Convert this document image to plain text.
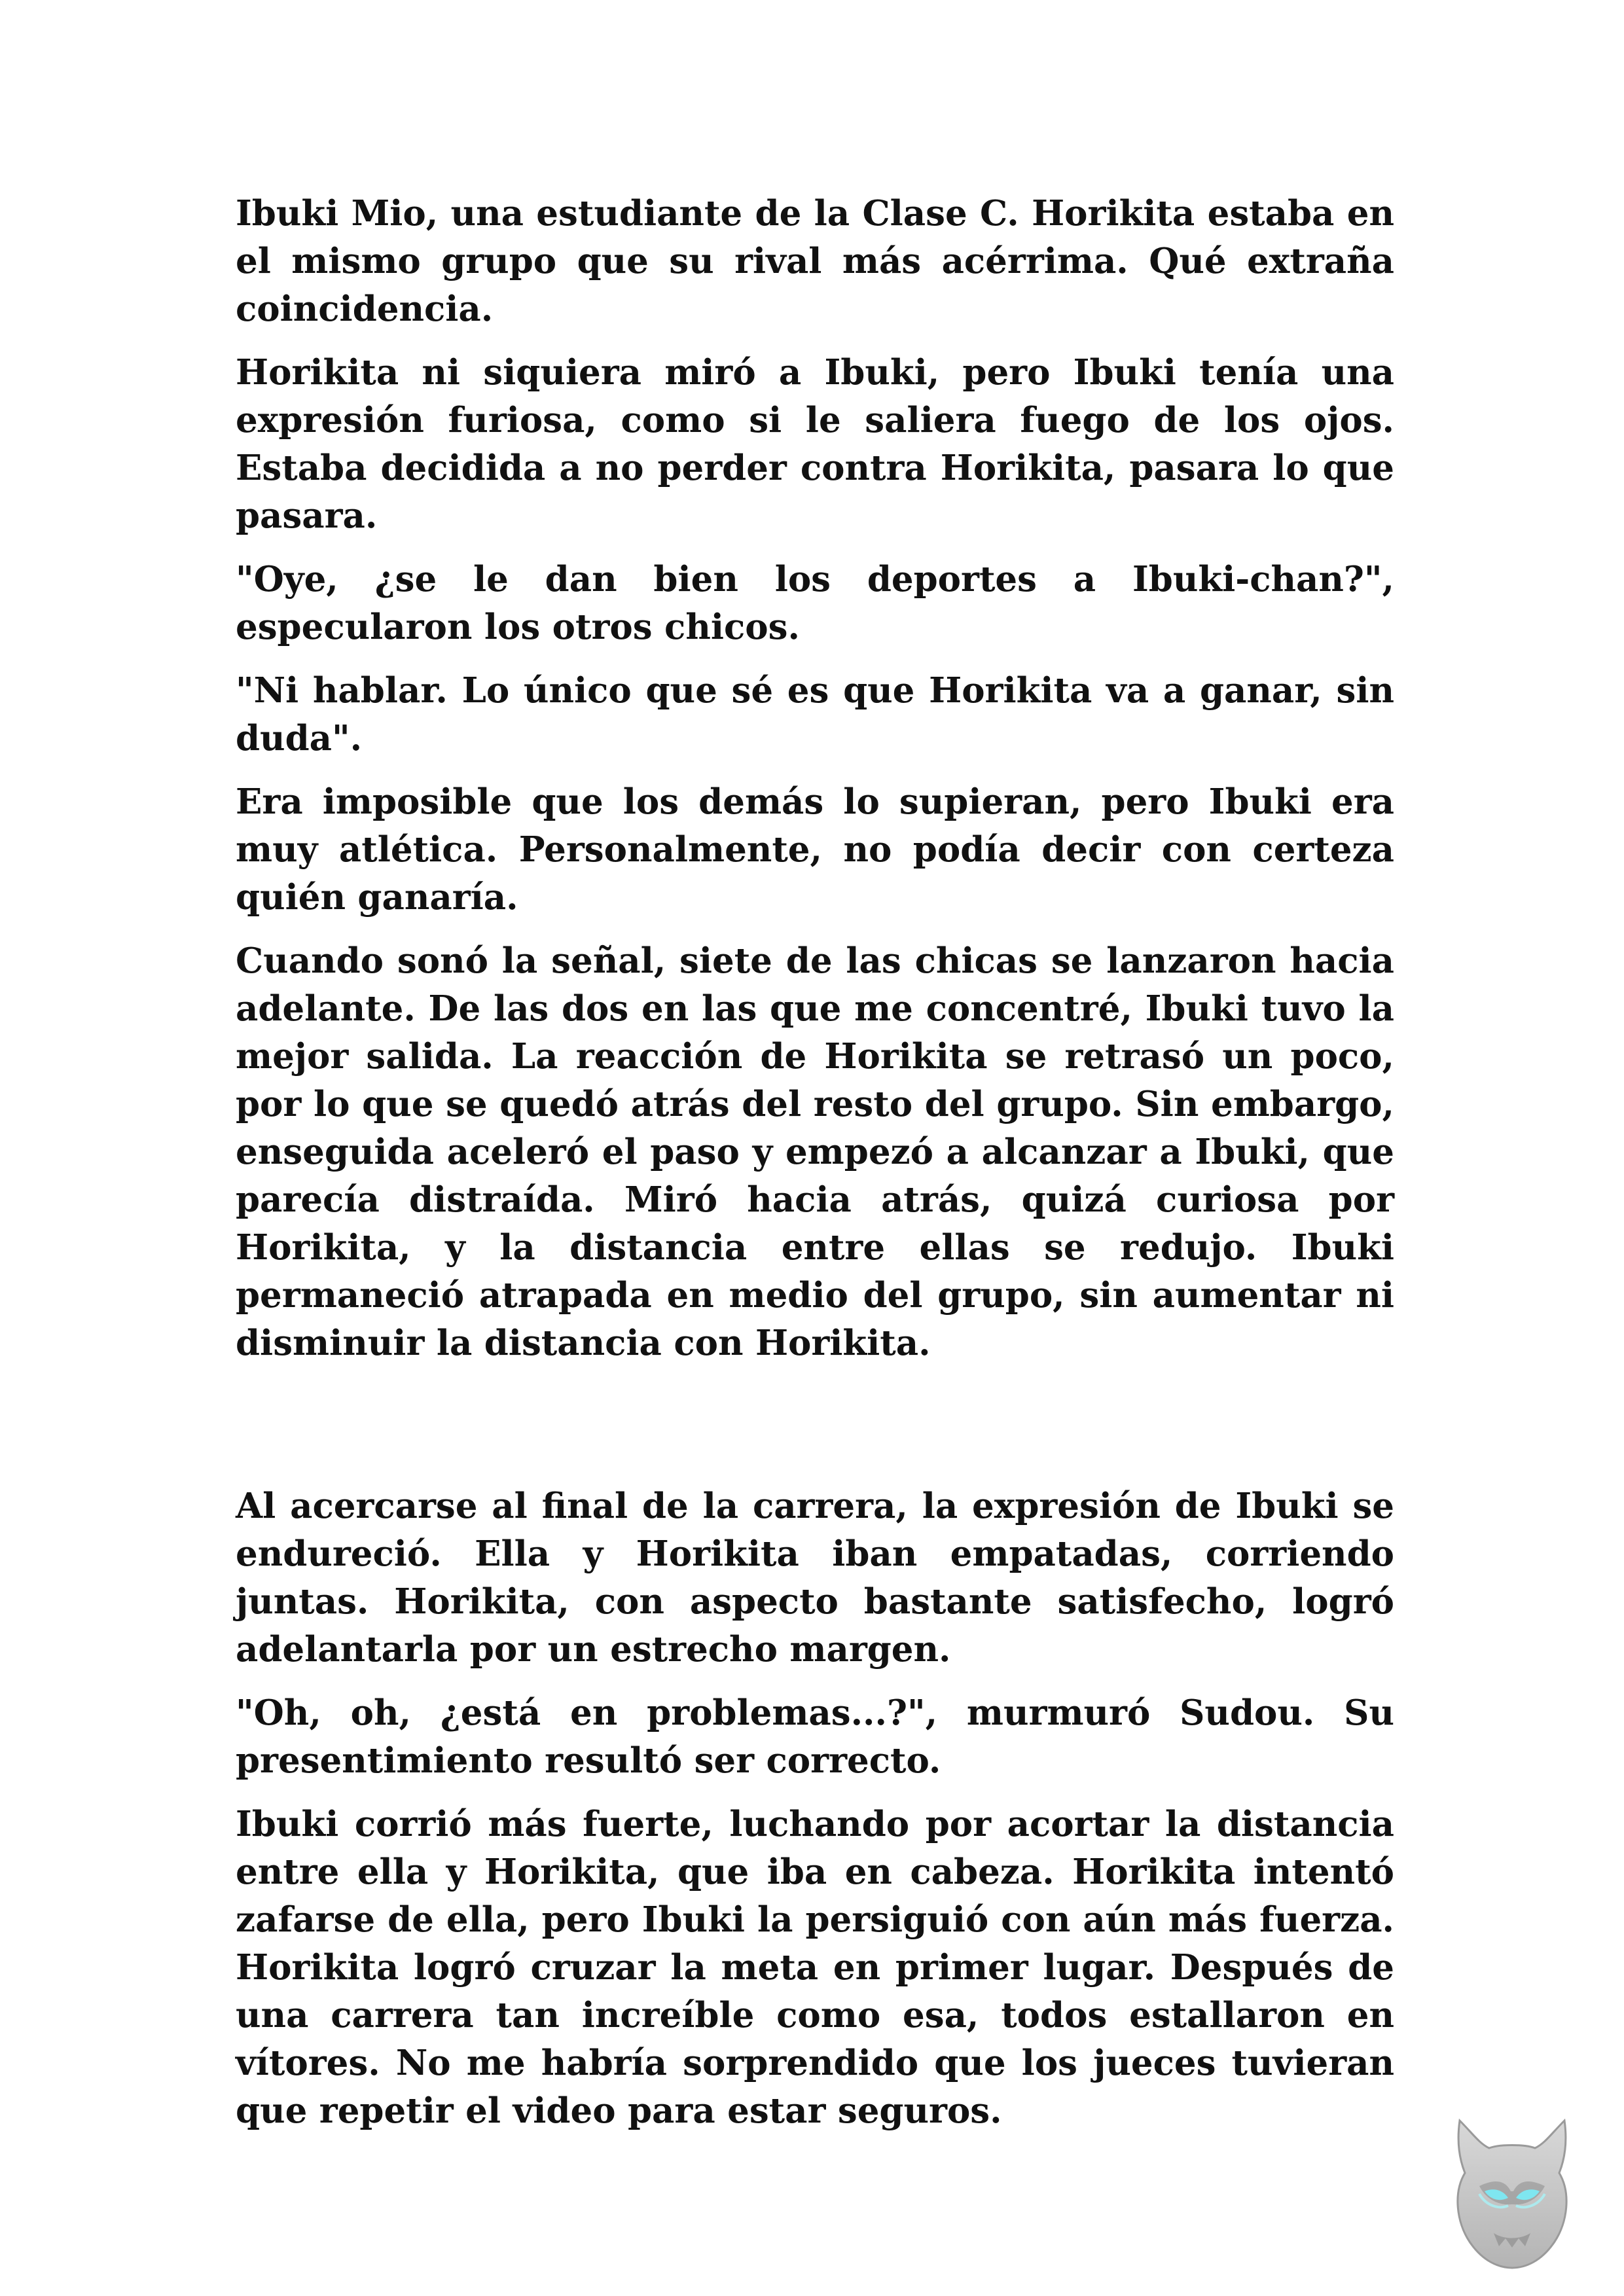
Ibuki Mio, una estudiante de la Clase C. Horikita estaba en el mismo grupo que su rival más acérrima. Qué extraña coincidencia.

Horikita ni siquiera miró a Ibuki, pero Ibuki tenía una expresión furiosa, como si le saliera fuego de los ojos. Estaba decidida a no perder contra Horikita, pasara lo que pasara.

"Oye, ¿se le dan bien los deportes a Ibuki-chan?", especularon los otros chicos.

"Ni hablar. Lo único que sé es que Horikita va a ganar, sin duda".

Era imposible que los demás lo supieran, pero Ibuki era muy atlética. Personalmente, no podía decir con certeza quién ganaría.

Cuando sonó la señal, siete de las chicas se lanzaron hacia adelante. De las dos en las que me concentré, Ibuki tuvo la mejor salida. La reacción de Horikita se retrasó un poco, por lo que se quedó atrás del resto del grupo. Sin embargo, enseguida aceleró el paso y empezó a alcanzar a Ibuki, que parecía distraída. Miró hacia atrás, quizá curiosa por Horikita, y la distancia entre ellas se redujo. Ibuki permaneció atrapada en medio del grupo, sin aumentar ni disminuir la distancia con Horikita.

Al acercarse al final de la carrera, la expresión de Ibuki se endureció. Ella y Horikita iban empatadas, corriendo juntas. Horikita, con aspecto bastante satisfecho, logró adelantarla por un estrecho margen.

"Oh, oh, ¿está en problemas...?", murmuró Sudou. Su presentimiento resultó ser correcto.

Ibuki corrió más fuerte, luchando por acortar la distancia entre ella y Horikita, que iba en cabeza. Horikita intentó zafarse de ella, pero Ibuki la persiguió con aún más fuerza. Horikita logró cruzar la meta en primer lugar. Después de una carrera tan increíble como esa, todos estallaron en vítores. No me habría sorprendido que los jueces tuvieran que repetir el video para estar seguros.
